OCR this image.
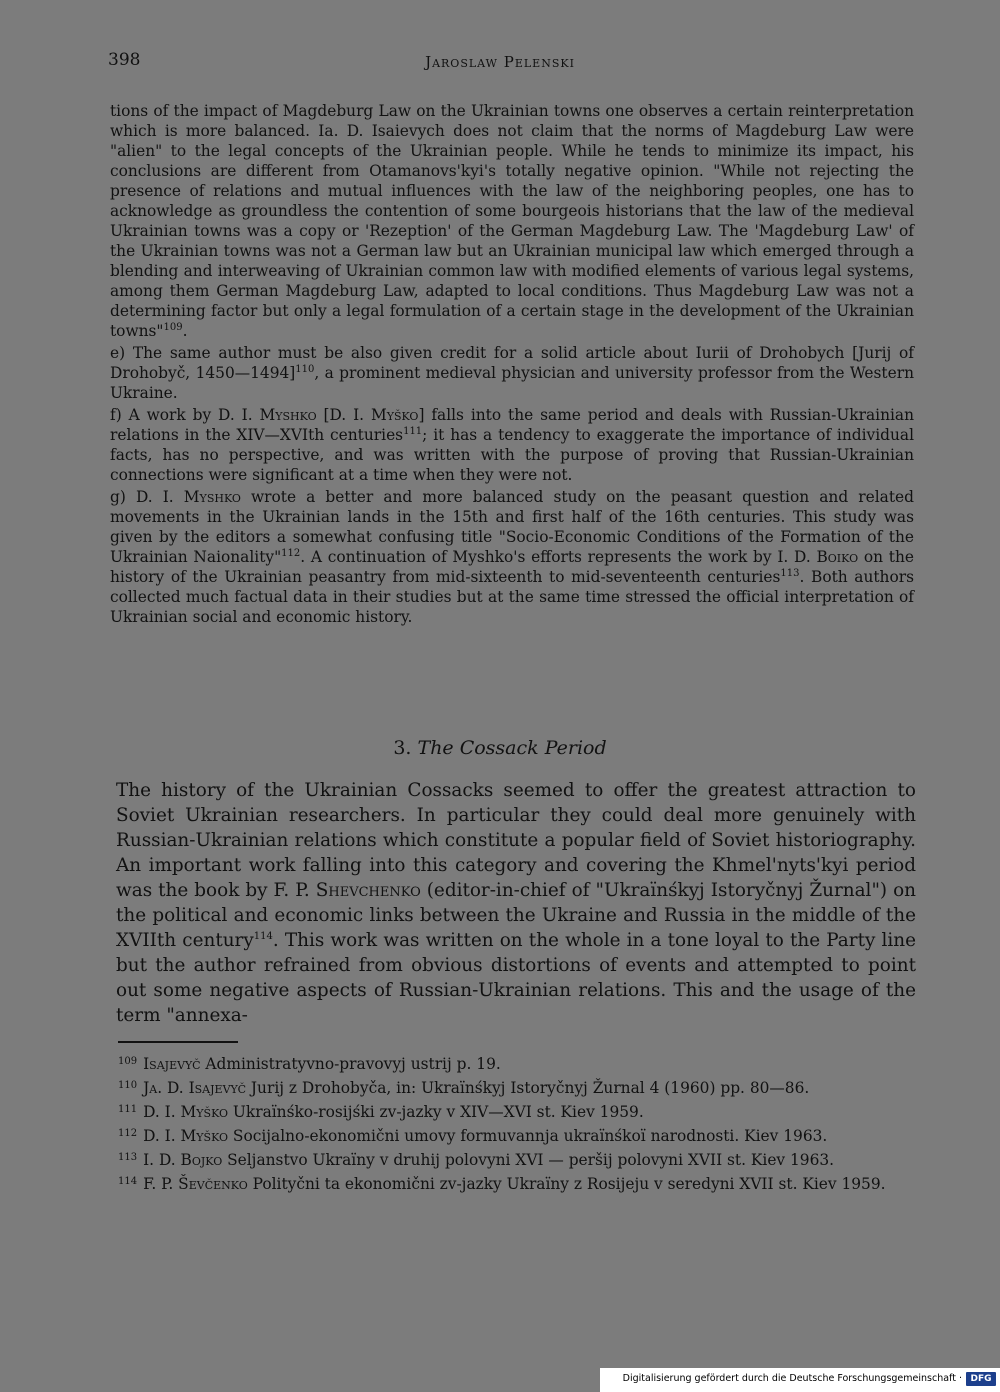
398	Jaroslaw Pelenski

tions of the impact of Magdeburg Law on the Ukrainian towns one observes a certain reinterpretation which is more balanced. Ia. D. Isaievych does not claim that the norms of Magdeburg Law were "alien" to the legal concepts of the Ukrainian people. While he tends to minimize its impact, his conclusions are different from Otamanovs'kyi's totally negative opinion. "While not rejecting the presence of relations and mutual influences with the law of the neighboring peoples, one has to acknowledge as groundless the contention of some bourgeois historians that the law of the medieval Ukrainian towns was a copy or 'Rezeption' of the German Magdeburg Law. The 'Magdeburg Law' of the Ukrainian towns was not a German law but an Ukrainian municipal law which emerged through a blending and interweaving of Ukrainian common law with modified elements of various legal systems, among them German Magdeburg Law, adapted to local conditions. Thus Magdeburg Law was not a determining factor but only a legal formulation of a certain stage in the development of the Ukrainian towns"$^{109}$.

e) The same author must be also given credit for a solid article about Iurii of Drohobych [Jurij of Drohobyč, 1450—1494]$^{110}$, a prominent medieval physician and university professor from the Western Ukraine.

f) A work by D. I. Myshko [D. I. Myško] falls into the same period and deals with Russian-Ukrainian relations in the XIV—XVIth centuries$^{111}$; it has a tendency to exaggerate the importance of individual facts, has no perspective, and was written with the purpose of proving that Russian-Ukrainian connections were significant at a time when they were not.

g) D. I. Myshko wrote a better and more balanced study on the peasant question and related movements in the Ukrainian lands in the 15th and first half of the 16th centuries. This study was given by the editors a somewhat confusing title "Socio-Economic Conditions of the Formation of the Ukrainian Naionality"$^{112}$. A continuation of Myshko's efforts represents the work by I. D. Boiko on the history of the Ukrainian peasantry from mid-sixteenth to mid-seventeenth centuries$^{113}$. Both authors collected much factual data in their studies but at the same time stressed the official interpretation of Ukrainian social and economic history.

3. The Cossack Period

The history of the Ukrainian Cossacks seemed to offer the greatest attraction to Soviet Ukrainian researchers. In particular they could deal more genuinely with Russian-Ukrainian relations which constitute a popular field of Soviet historiography. An important work falling into this category and covering the Khmel'nyts'kyi period was the book by F. P. Shevchenko (editor-in-chief of "Ukraïnśkyj Istoryčnyj Žurnal") on the political and economic links between the Ukraine and Russia in the middle of the XVIIth century$^{114}$. This work was written on the whole in a tone loyal to the Party line but the author refrained from obvious distortions of events and attempted to point out some negative aspects of Russian-Ukrainian relations. This and the usage of the term "annexa-

$^{109}$ Isajevyč Administratyvno-pravovyj ustrij p. 19.

$^{110}$ Ja. D. Isajevyč Jurij z Drohobyča, in: Ukraïnśkyj Istoryčnyj Žurnal 4 (1960) pp. 80—86.

$^{111}$ D. I. Myško Ukraïnśko-rosijśki zv-jazky v XIV—XVI st. Kiev 1959.

$^{112}$ D. I. Myško Socijalno-ekonomični umovy formuvannja ukraïnśkoï narodnosti. Kiev 1963.

$^{113}$ I. D. Bojko Seljanstvo Ukraïny v druhij polovyni XVI — peršij polovyni XVII st. Kiev 1963.

$^{114}$ F. P. Ševčenko Polityčni ta ekonomični zv-jazky Ukraïny z Rosijeju v seredyni XVII st. Kiev 1959.

Digitalisierung gefördert durch die Deutsche Forschungsgemeinschaft · DFG
